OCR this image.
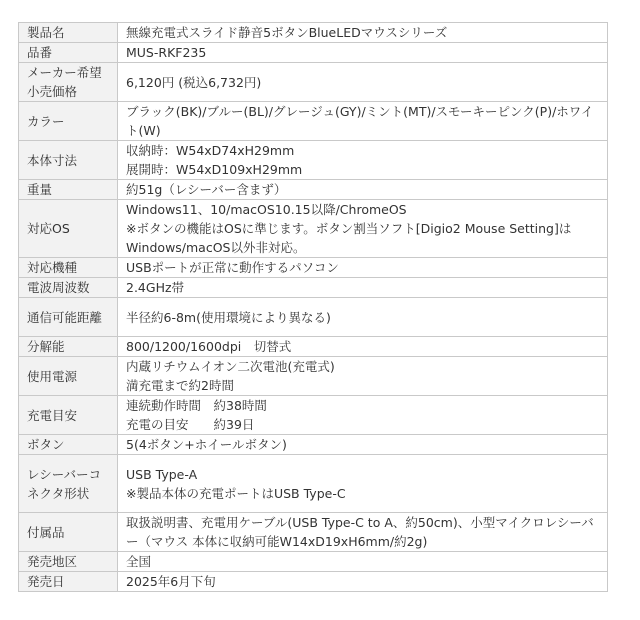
製品名	無線充電式スライド静音5ボタンBlueLEDマウスシリーズ

品番	MUS-RKF235

メーカー希望小売価格	6,120円 (税込6,732円)

カラー	ブラック(BK)/ブルー(BL)/グレージュ(GY)/ミント(MT)/スモーキーピンク(P)/ホワイト(W)

本体寸法	収納時：W54xD74xH29mm
展開時：W54xD109xH29mm

重量	約51g（レシーバー含まず）

対応OS	Windows11、10/macOS10.15以降/ChromeOS
※ボタンの機能はOSに準じます。ボタン割当ソフト[Digio2 Mouse Setting]はWindows/macOS以外非対応。

対応機種	USBポートが正常に動作するパソコン

電波周波数	2.4GHz帯

通信可能距離	半径約6-8m(使用環境により異なる)

分解能	800/1200/1600dpi　切替式

使用電源	内蔵リチウムイオン二次電池(充電式)
満充電まで約2時間

充電目安	連続動作時間　約38時間
充電の目安　　約39日

ボタン	5(4ボタン+ホイールボタン)

レシーバーコネクタ形状	USB Type-A
※製品本体の充電ポートはUSB Type-C

付属品	取扱説明書、充電用ケーブル(USB Type-C to A、約50cm)、小型マイクロレシーバー（マウス 本体に収納可能W14xD19xH6mm/約2g)

発売地区	全国

発売日	2025年6月下旬
